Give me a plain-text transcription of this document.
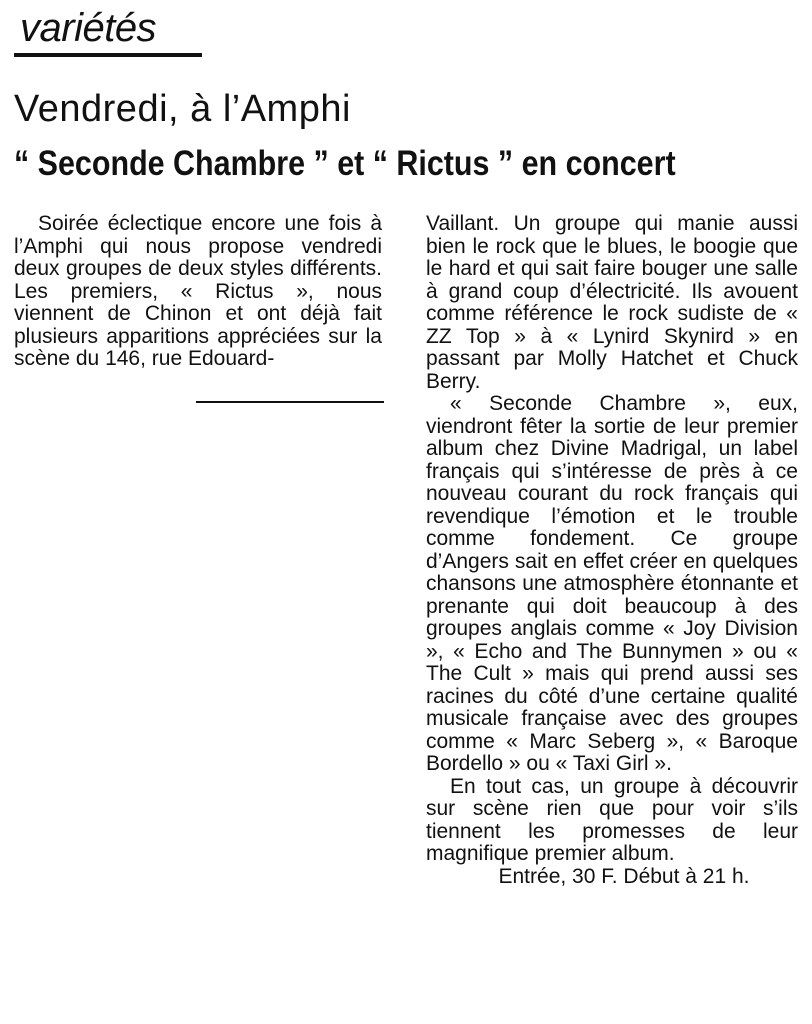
variétés
Vendredi, à l’Amphi
“ Seconde Chambre ” et “ Rictus ” en concert

Soirée éclectique encore une fois à l’Amphi qui nous propose vendredi deux groupes de deux styles différents. Les premiers, « Rictus », nous viennent de Chinon et ont déjà fait plusieurs apparitions appréciées sur la scène du 146, rue Edouard-

Vaillant. Un groupe qui manie aussi bien le rock que le blues, le boogie que le hard et qui sait faire bouger une salle à grand coup d’électricité. Ils avouent comme référence le rock sudiste de « ZZ Top » à « Lynird Skynird » en passant par Molly Hatchet et Chuck Berry.

« Seconde Chambre », eux, viendront fêter la sortie de leur premier album chez Divine Madrigal, un label français qui s’intéresse de près à ce nouveau courant du rock français qui revendique l’émotion et le trouble comme fondement. Ce groupe d’Angers sait en effet créer en quelques chansons une atmosphère étonnante et prenante qui doit beaucoup à des groupes anglais comme « Joy Division », « Echo and The Bunnymen » ou « The Cult » mais qui prend aussi ses racines du côté d’une certaine qualité musicale française avec des groupes comme « Marc Seberg », « Baroque Bordello » ou « Taxi Girl ».

En tout cas, un groupe à découvrir sur scène rien que pour voir s’ils tiennent les promesses de leur magnifique premier album.

Entrée, 30 F. Début à 21 h.
